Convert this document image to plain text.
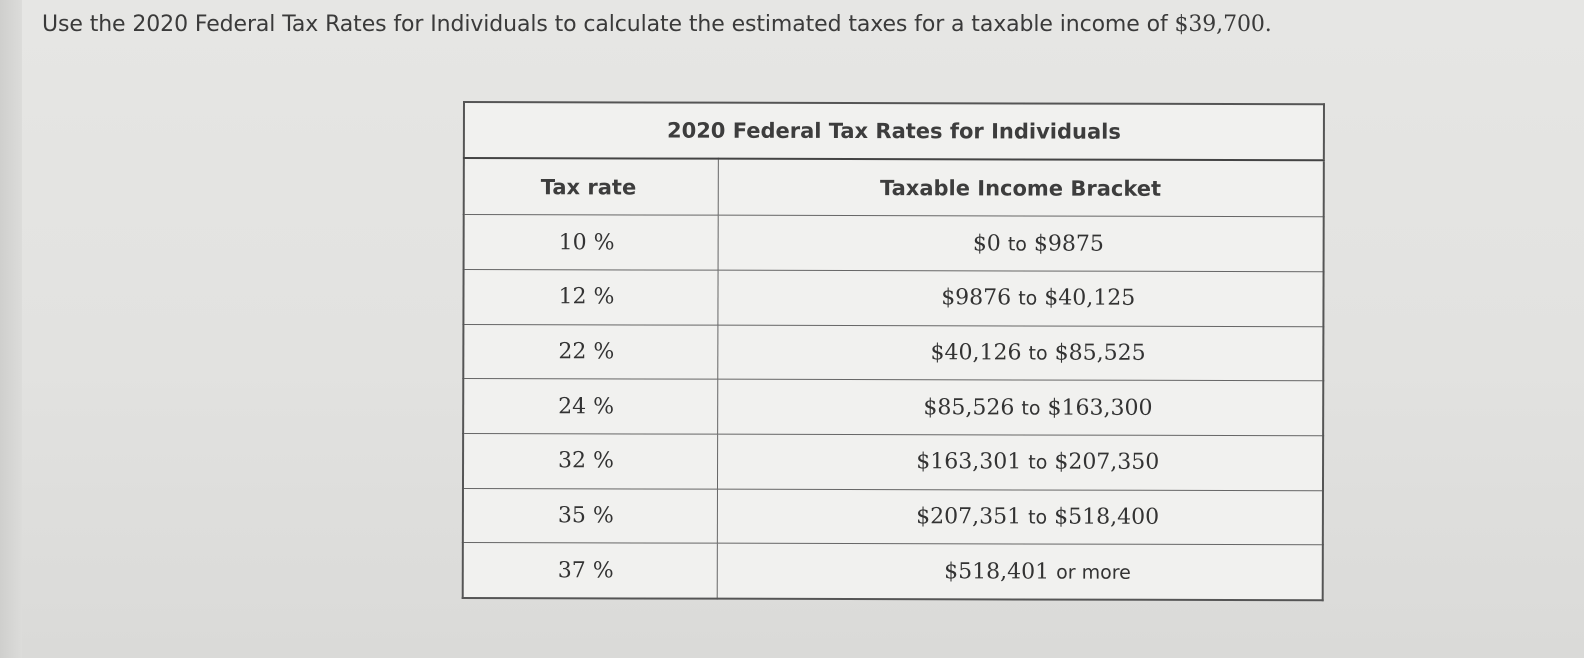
Use the 2020 Federal Tax Rates for Individuals to calculate the estimated taxes for a taxable income of $39,700.
2020 Federal Tax Rates for Individuals	
Tax rate	Taxable Income Bracket
10 %	$0 to $9875
12 %	$9876 to $40,125
22 %	$40,126 to $85,525
24 %	$85,526 to $163,300
32 %	$163,301 to $207,350
35 %	$207,351 to $518,400
37 %	$518,401 or more
